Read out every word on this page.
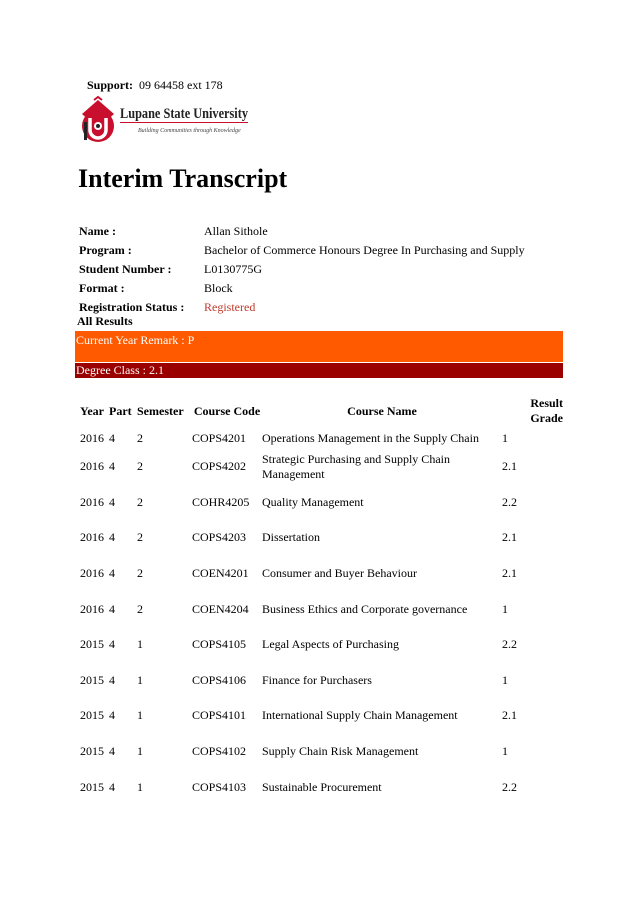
Support: 09 64458 ext 178
Lupane State University
Building Communities through Knowledge
Interim Transcript
Name :	Allan Sithole
Program :	Bachelor of Commerce Honours Degree In Purchasing and Supply
Student Number :	L0130775G
Format :	Block
Registration Status :	Registered
All Results
Current Year Remark : P
Degree Class : 2.1
Year	Part	Semester	Course Code	Course Name	Result Grade
2016	4	2	COPS4201	Operations Management in the Supply Chain	1
2016	4	2	COPS4202	Strategic Purchasing and Supply Chain Management	2.1
2016	4	2	COHR4205	Quality Management	2.2
2016	4	2	COPS4203	Dissertation	2.1
2016	4	2	COEN4201	Consumer and Buyer Behaviour	2.1
2016	4	2	COEN4204	Business Ethics and Corporate governance	1
2015	4	1	COPS4105	Legal Aspects of Purchasing	2.2
2015	4	1	COPS4106	Finance for Purchasers	1
2015	4	1	COPS4101	International Supply Chain Management	2.1
2015	4	1	COPS4102	Supply Chain Risk Management	1
2015	4	1	COPS4103	Sustainable Procurement	2.2
